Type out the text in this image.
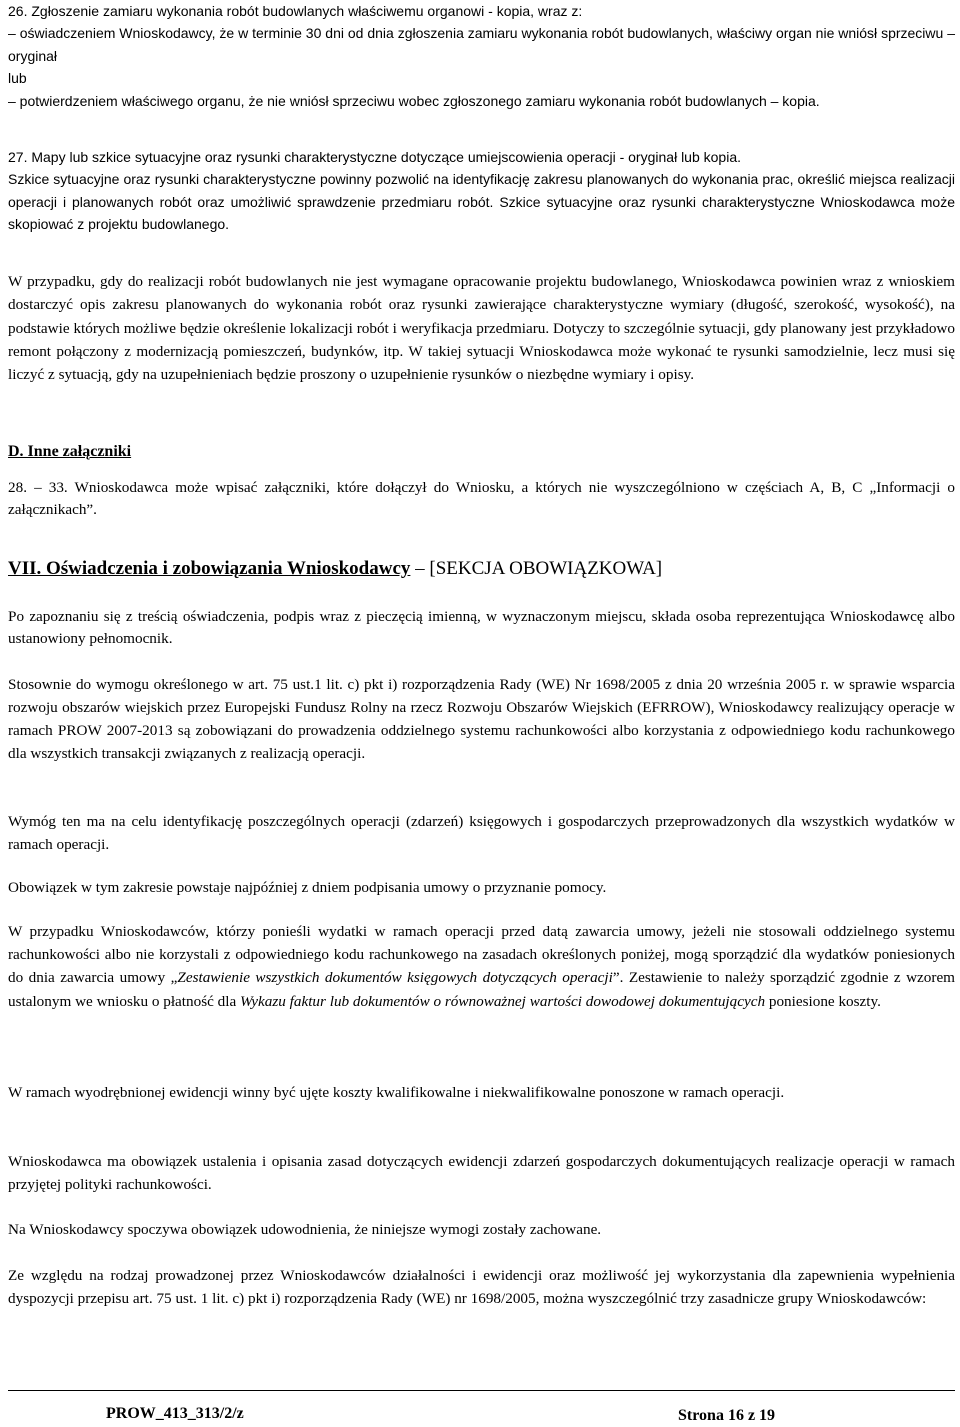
26. Zgłoszenie zamiaru wykonania robót budowlanych właściwemu organowi - kopia, wraz z:

– oświadczeniem Wnioskodawcy, że w terminie 30 dni od dnia zgłoszenia zamiaru wykonania robót budowlanych, właściwy organ nie wniósł sprzeciwu – oryginał

lub

– potwierdzeniem właściwego organu, że nie wniósł sprzeciwu wobec zgłoszonego zamiaru wykonania robót budowlanych – kopia.

27. Mapy lub szkice sytuacyjne oraz rysunki charakterystyczne dotyczące umiejscowienia operacji - oryginał lub kopia.

Szkice sytuacyjne oraz rysunki charakterystyczne powinny pozwolić na identyfikację zakresu planowanych do wykonania prac, określić miejsca realizacji operacji i planowanych robót oraz umożliwić sprawdzenie przedmiaru robót. Szkice sytuacyjne oraz rysunki charakterystyczne Wnioskodawca może skopiować z projektu budowlanego.

W przypadku, gdy do realizacji robót budowlanych nie jest wymagane opracowanie projektu budowlanego, Wnioskodawca powinien wraz z wnioskiem dostarczyć opis zakresu planowanych do wykonania robót oraz rysunki zawierające charakterystyczne wymiary (długość, szerokość, wysokość), na podstawie których możliwe będzie określenie lokalizacji robót i weryfikacja przedmiaru. Dotyczy to szczególnie sytuacji, gdy planowany jest przykładowo remont połączony z modernizacją pomieszczeń, budynków, itp. W takiej sytuacji Wnioskodawca może wykonać te rysunki samodzielnie, lecz musi się liczyć z sytuacją, gdy na uzupełnieniach będzie proszony o uzupełnienie rysunków o niezbędne wymiary i opisy.

D. Inne załączniki

28. – 33. Wnioskodawca może wpisać załączniki, które dołączył do Wniosku, a których nie wyszczególniono w częściach A, B, C „Informacji o załącznikach”.

VII. Oświadczenia i zobowiązania Wnioskodawcy – [SEKCJA OBOWIĄZKOWA]

Po zapoznaniu się z treścią oświadczenia, podpis wraz z pieczęcią imienną, w wyznaczonym miejscu, składa osoba reprezentująca Wnioskodawcę albo ustanowiony pełnomocnik.

Stosownie do wymogu określonego w art. 75 ust.1 lit. c) pkt i) rozporządzenia Rady (WE) Nr 1698/2005 z dnia 20 września 2005 r. w sprawie wsparcia rozwoju obszarów wiejskich przez Europejski Fundusz Rolny na rzecz Rozwoju Obszarów Wiejskich (EFRROW), Wnioskodawcy realizujący operacje w ramach PROW 2007-2013 są zobowiązani do prowadzenia oddzielnego systemu rachunkowości albo korzystania z odpowiedniego kodu rachunkowego dla wszystkich transakcji związanych z realizacją operacji.

Wymóg ten ma na celu identyfikację poszczególnych operacji (zdarzeń) księgowych i gospodarczych przeprowadzonych dla wszystkich wydatków w ramach operacji.

Obowiązek w tym zakresie powstaje najpóźniej z dniem podpisania umowy o przyznanie pomocy.

W przypadku Wnioskodawców, którzy ponieśli wydatki w ramach operacji przed datą zawarcia umowy, jeżeli nie stosowali oddzielnego systemu rachunkowości albo nie korzystali z odpowiedniego kodu rachunkowego na zasadach określonych poniżej, mogą sporządzić dla wydatków poniesionych do dnia zawarcia umowy „Zestawienie wszystkich dokumentów księgowych dotyczących operacji”. Zestawienie to należy sporządzić zgodnie z wzorem ustalonym we wniosku o płatność dla Wykazu faktur lub dokumentów o równoważnej wartości dowodowej dokumentujących poniesione koszty.

W ramach wyodrębnionej ewidencji winny być ujęte koszty kwalifikowalne i niekwalifikowalne ponoszone w ramach operacji.

Wnioskodawca ma obowiązek ustalenia i opisania zasad dotyczących ewidencji zdarzeń gospodarczych dokumentujących realizacje operacji w ramach przyjętej polityki rachunkowości.

Na Wnioskodawcy spoczywa obowiązek udowodnienia, że niniejsze wymogi zostały zachowane.

Ze względu na rodzaj prowadzonej przez Wnioskodawców działalności i ewidencji oraz możliwość jej wykorzystania dla zapewnienia wypełnienia dyspozycji przepisu art. 75 ust. 1 lit. c) pkt i) rozporządzenia Rady (WE) nr 1698/2005, można wyszczególnić trzy zasadnicze grupy Wnioskodawców:

PROW_413_313/2/z	Strona 16 z 19
